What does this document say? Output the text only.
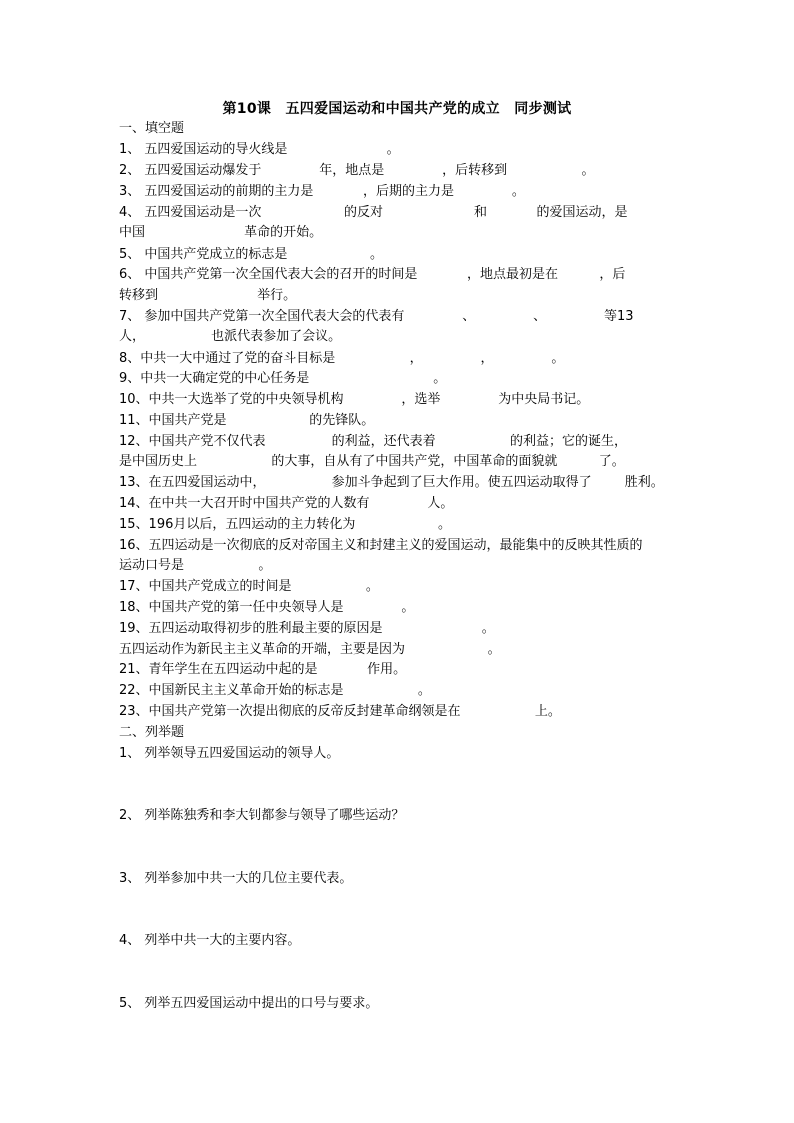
第10课　五四爱国运动和中国共产党的成立　同步测试
一、填空题
1、 五四爱国运动的导火线是                        。
2、 五四爱国运动爆发于              年，地点是              ，后转移到                  。
3、 五四爱国运动的前期的主力是            ，后期的主力是              。
4、 五四爱国运动是一次                    的反对                      和            的爱国运动，是
中国                        革命的开始。
5、 中国共产党成立的标志是                    。
6、 中国共产党第一次全国代表大会的召开的时间是            ，地点最初是在          ，后
转移到                        举行。
7、 参加中国共产党第一次全国代表大会的代表有              、              、              等13
人，                也派代表参加了会议。
8、中共一大中通过了党的奋斗目标是                  ，              ，              。
9、中共一大确定党的中心任务是                              。
10、中共一大选举了党的中央领导机构              ，选举              为中央局书记。
11、中国共产党是                    的先锋队。
12、中国共产党不仅代表                的利益，还代表着                  的利益；它的诞生，
是中国历史上                  的大事，自从有了中国共产党，中国革命的面貌就          了。
13、在五四爱国运动中，                参加斗争起到了巨大作用。使五四运动取得了        胜利。
14、在中共一大召开时中国共产党的人数有              人。
15、196月以后，五四运动的主力转化为                    。
16、五四运动是一次彻底的反对帝国主义和封建主义的爱国运动，最能集中的反映其性质的
运动口号是                  。
17、中国共产党成立的时间是                  。
18、中国共产党的第一任中央领导人是              。
19、五四运动取得初步的胜利最主要的原因是                        。
五四运动作为新民主主义革命的开端，主要是因为                    。
21、青年学生在五四运动中起的是            作用。
22、中国新民主主义革命开始的标志是                  。
23、中国共产党第一次提出彻底的反帝反封建革命纲领是在                  上。
二、列举题
1、 列举领导五四爱国运动的领导人。
2、 列举陈独秀和李大钊都参与领导了哪些运动？
3、 列举参加中共一大的几位主要代表。
4、 列举中共一大的主要内容。
5、 列举五四爱国运动中提出的口号与要求。
